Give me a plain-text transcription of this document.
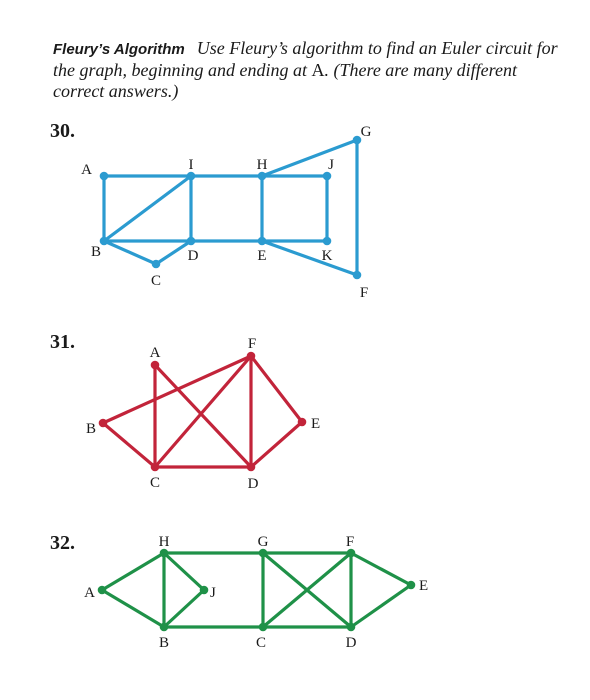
Fleury’s Algorithm Use Fleury’s algorithm to find an Euler circuit for the graph, beginning and ending at A. (There are many different correct answers.)
30.
A
B
C
D	E
F
G
H
I	J
K
31.	A
B
C	D
E
F
32.
A
B	C	D
E
F
G
H
J
